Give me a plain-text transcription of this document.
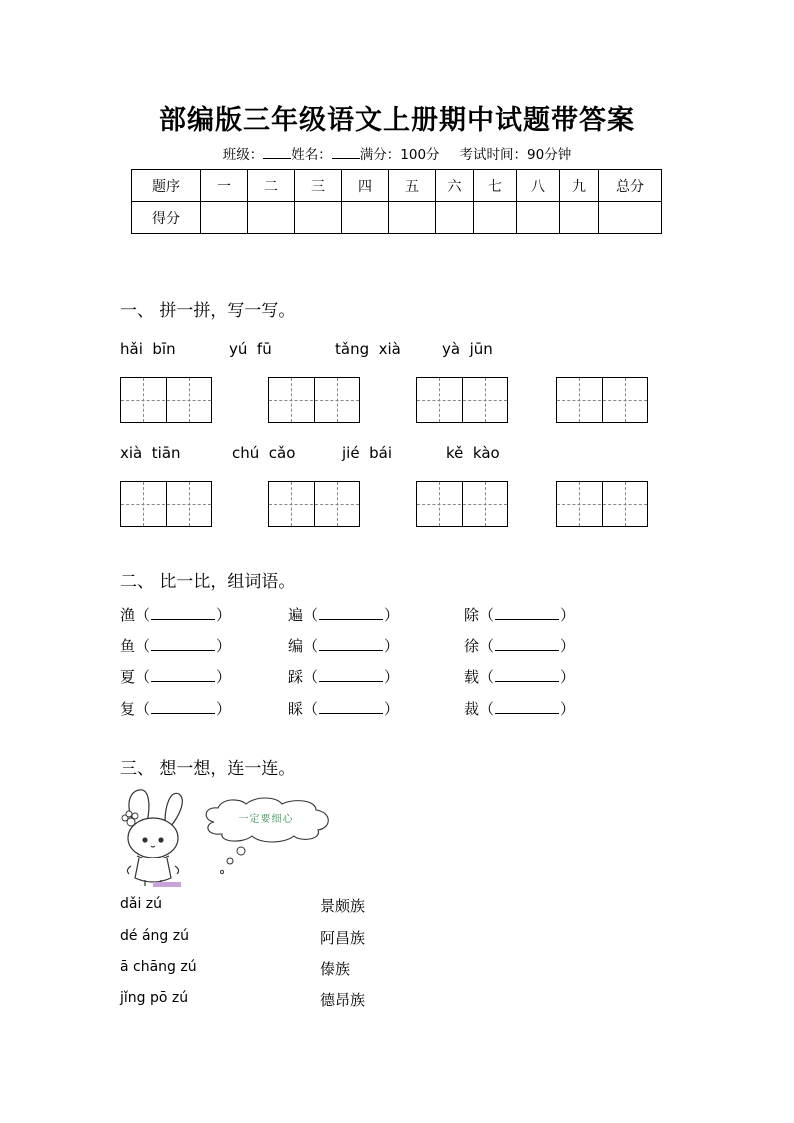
部编版三年级语文上册期中试题带答案
班级： 姓名： 满分：100分 考试时间：90分钟
题序	一	二	三	四	五	六	七	八	九	总分
得分										
一、 拼一拼，写一写。
hǎi  bīn	yú  fū	tǎng  xià	yà  jūn
xià  tiān	chú  cǎo	jié  bái	kě  kào
二、 比一比，组词语。
渔（	）	遍（	）	除（	）
鱼（	）	编（	）	徐（	）
夏（	）	踩（	）	载（	）
复（	）	睬（	）	裁（	）
三、 想一想，连一连。
一定要细心
dǎi zú
dé áng zú
ā chāng zú
jǐng pō zú
景颇族
阿昌族
傣族
德昂族
